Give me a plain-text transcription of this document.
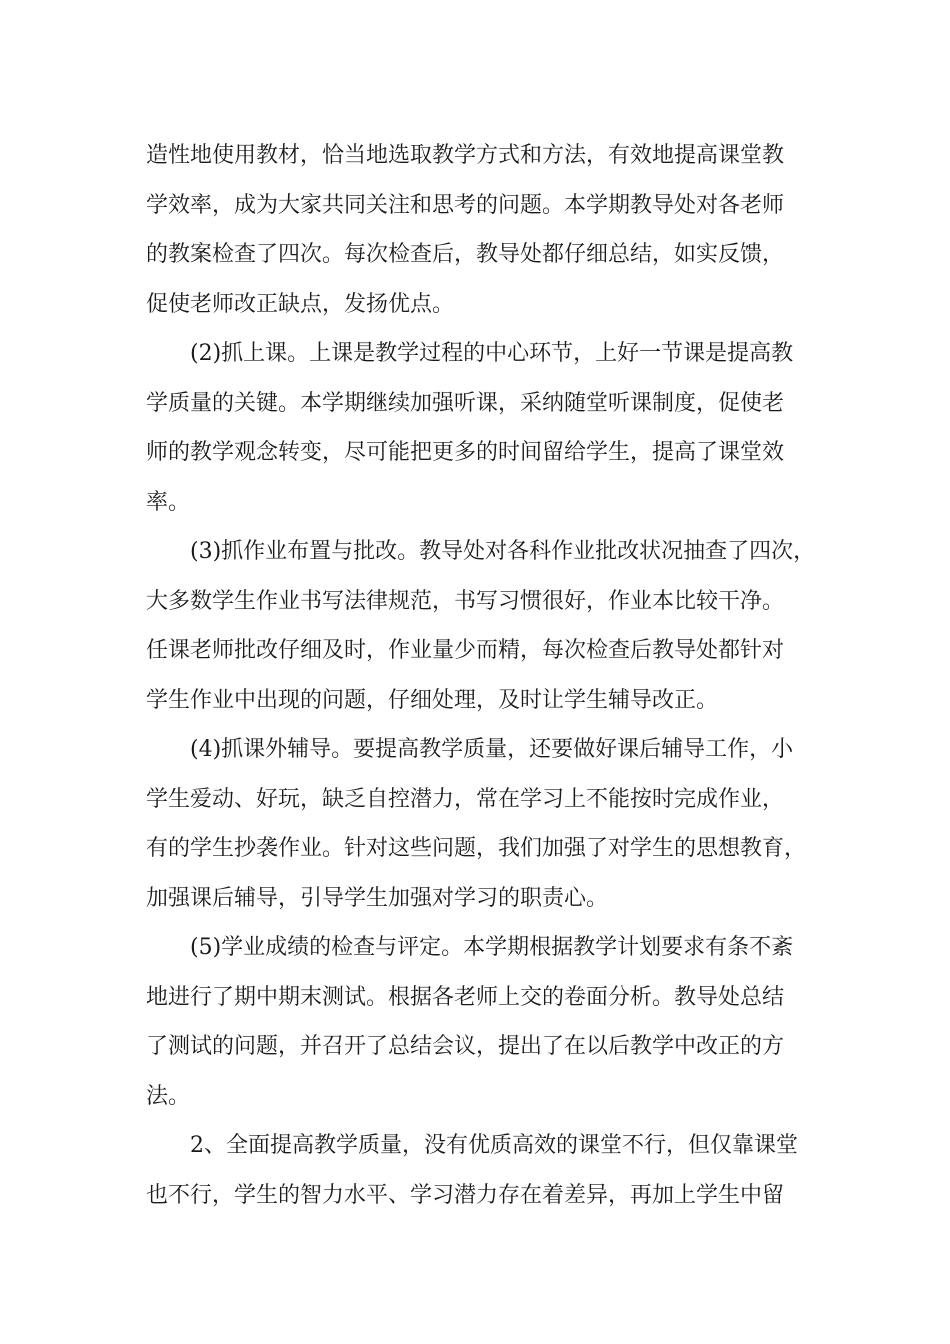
造性地使用教材，恰当地选取教学方式和方法，有效地提高课堂教
学效率，成为大家共同关注和思考的问题。本学期教导处对各老师
的教案检查了四次。每次检查后，教导处都仔细总结，如实反馈，
促使老师改正缺点，发扬优点。
　　(2)抓上课。上课是教学过程的中心环节，上好一节课是提高教
学质量的关键。本学期继续加强听课，采纳随堂听课制度，促使老
师的教学观念转变，尽可能把更多的时间留给学生，提高了课堂效
率。
　　(3)抓作业布置与批改。教导处对各科作业批改状况抽查了四次，
大多数学生作业书写法律规范，书写习惯很好，作业本比较干净。
任课老师批改仔细及时，作业量少而精，每次检查后教导处都针对
学生作业中出现的问题，仔细处理，及时让学生辅导改正。
　　(4)抓课外辅导。要提高教学质量，还要做好课后辅导工作，小
学生爱动、好玩，缺乏自控潜力，常在学习上不能按时完成作业，
有的学生抄袭作业。针对这些问题，我们加强了对学生的思想教育，
加强课后辅导，引导学生加强对学习的职责心。
　　(5)学业成绩的检查与评定。本学期根据教学计划要求有条不紊
地进行了期中期末测试。根据各老师上交的卷面分析。教导处总结
了测试的问题，并召开了总结会议，提出了在以后教学中改正的方
法。
　　2、全面提高教学质量，没有优质高效的课堂不行，但仅靠课堂
也不行，学生的智力水平、学习潜力存在着差异，再加上学生中留
